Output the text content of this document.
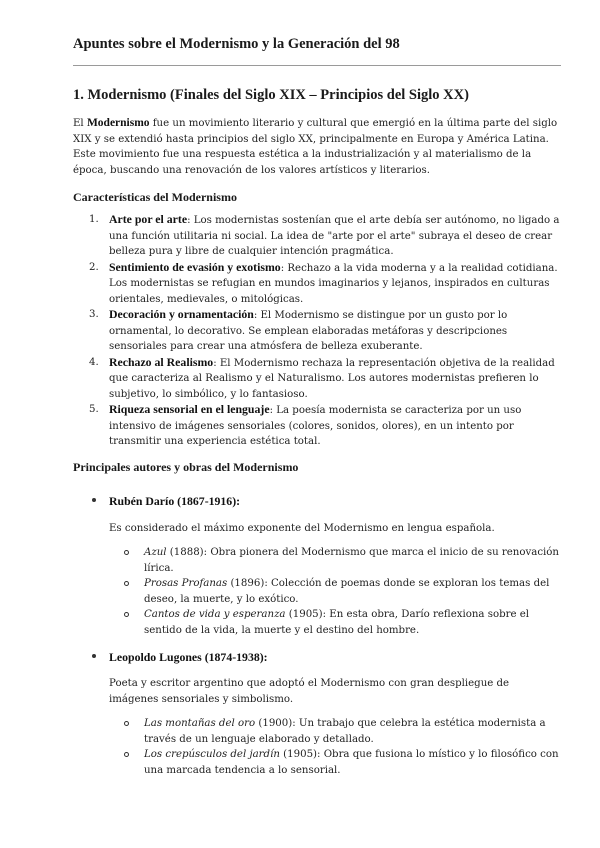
Apuntes sobre el Modernismo y la Generación del 98
1. Modernismo (Finales del Siglo XIX – Principios del Siglo XX)

El Modernismo fue un movimiento literario y cultural que emergió en la última parte del siglo XIX y se extendió hasta principios del siglo XX, principalmente en Europa y América Latina. Este movimiento fue una respuesta estética a la industrialización y al materialismo de la época, buscando una renovación de los valores artísticos y literarios.

Características del Modernismo
1. Arte por el arte: Los modernistas sostenían que el arte debía ser autónomo, no ligado a una función utilitaria ni social. La idea de "arte por el arte" subraya el deseo de crear belleza pura y libre de cualquier intención pragmática.
2. Sentimiento de evasión y exotismo: Rechazo a la vida moderna y a la realidad cotidiana. Los modernistas se refugian en mundos imaginarios y lejanos, inspirados en culturas orientales, medievales, o mitológicas.
3. Decoración y ornamentación: El Modernismo se distingue por un gusto por lo ornamental, lo decorativo. Se emplean elaboradas metáforas y descripciones sensoriales para crear una atmósfera de belleza exuberante.
4. Rechazo al Realismo: El Modernismo rechaza la representación objetiva de la realidad que caracteriza al Realismo y el Naturalismo. Los autores modernistas prefieren lo subjetivo, lo simbólico, y lo fantasioso.
5. Riqueza sensorial en el lenguaje: La poesía modernista se caracteriza por un uso intensivo de imágenes sensoriales (colores, sonidos, olores), en un intento por transmitir una experiencia estética total.
Principales autores y obras del Modernismo

Rubén Darío (1867-1916):

Es considerado el máximo exponente del Modernismo en lengua española.

Azul (1888): Obra pionera del Modernismo que marca el inicio de su renovación lírica.
Prosas Profanas (1896): Colección de poemas donde se exploran los temas del deseo, la muerte, y lo exótico.
Cantos de vida y esperanza (1905): En esta obra, Darío reflexiona sobre el sentido de la vida, la muerte y el destino del hombre.

Leopoldo Lugones (1874-1938):

Poeta y escritor argentino que adoptó el Modernismo con gran despliegue de imágenes sensoriales y simbolismo.

Las montañas del oro (1900): Un trabajo que celebra la estética modernista a través de un lenguaje elaborado y detallado.
Los crepúsculos del jardín (1905): Obra que fusiona lo místico y lo filosófico con una marcada tendencia a lo sensorial.
